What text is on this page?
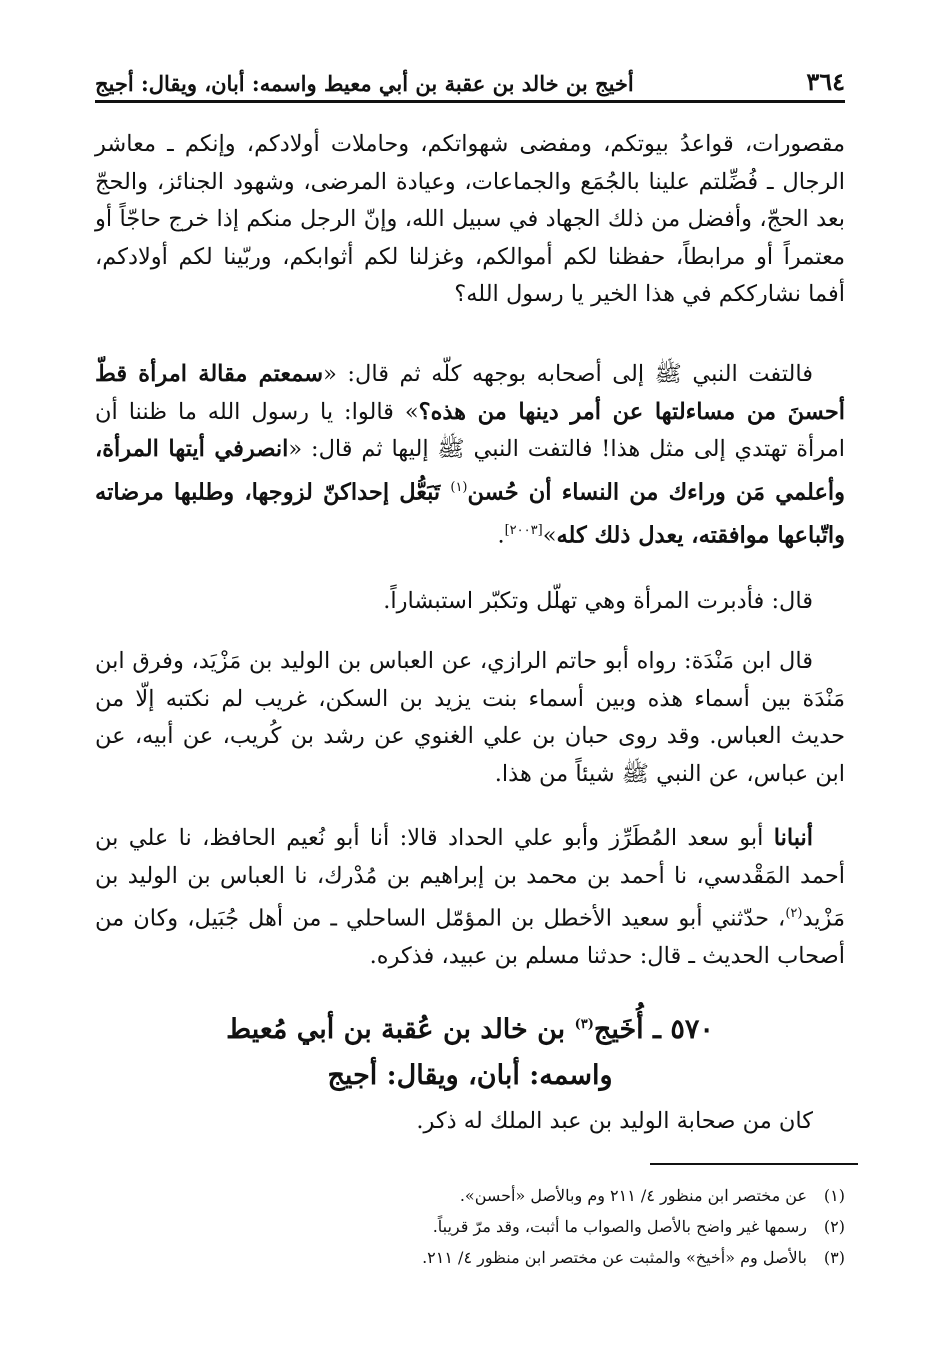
٣٦٤
أخيج بن خالد بن عقبة بن أبي معيط واسمه: أبان، ويقال: أجيج

مقصورات، قواعدُ بيوتكم، ومفضى شهواتكم، وحاملات أولادكم، وإنكم ـ معاشر الرجال ـ فُضِّلتم علينا بالجُمَع والجماعات، وعيادة المرضى، وشهود الجنائز، والحجّ بعد الحجّ، وأفضل من ذلك الجهاد في سبيل الله، وإنّ الرجل منكم إذا خرج حاجّاً أو معتمراً أو مرابطاً، حفظنا لكم أموالكم، وغزلنا لكم أثوابكم، وربّينا لكم أولادكم، أفما نشارككم في هذا الخير يا رسول الله؟

فالتفت النبي ﷺ إلى أصحابه بوجهه كلّه ثم قال: «سمعتم مقالة امرأة قطّ أحسنَ من مساءلتها عن أمر دينها من هذه؟» قالوا: يا رسول الله ما ظننا أن امرأة تهتدي إلى مثل هذا! فالتفت النبي ﷺ إليها ثم قال: «انصرفي أيتها المرأة، وأعلمي مَن وراءك من النساء أن حُسن$^{(١)}$ تَبَعُّل إحداكنّ لزوجها، وطلبها مرضاته واتّباعها موافقته، يعدل ذلك كله»[٢٠٠٣].

قال: فأدبرت المرأة وهي تهلّل وتكبّر استبشاراً.

قال ابن مَنْدَة: رواه أبو حاتم الرازي، عن العباس بن الوليد بن مَزْيَد، وفرق ابن مَنْدَة بين أسماء هذه وبين أسماء بنت يزيد بن السكن، غريب لم نكتبه إلّا من حديث العباس. وقد روى حبان بن علي الغنوي عن رشد بن كُريب، عن أبيه، عن ابن عباس، عن النبي ﷺ شيئاً من هذا.

أنبانا أبو سعد المُطَرِّز وأبو علي الحداد قالا: أنا أبو نُعيم الحافظ، نا علي بن أحمد المَقْدسي، نا أحمد بن محمد بن إبراهيم بن مُدْرك، نا العباس بن الوليد بن مَزْيد$^{(٢)}$، حدّثني أبو سعيد الأخطل بن المؤمّل الساحلي ـ من أهل جُبَيل، وكان من أصحاب الحديث ـ قال: حدثنا مسلم بن عبيد، فذكره.

٥٧٠ ـ أُخَيج$^{(٣)}$ بن خالد بن عُقبة بن أبي مُعيط
واسمه: أبان، ويقال: أجيج

كان من صحابة الوليد بن عبد الملك له ذكر.

(١)
عن مختصر ابن منظور ٤/ ٢١١ وم وبالأصل «أحسن».
(٢)
رسمها غير واضح بالأصل والصواب ما أثبت، وقد مرّ قريباً.
(٣)
بالأصل وم «أخيخ» والمثبت عن مختصر ابن منظور ٤/ ٢١١.
